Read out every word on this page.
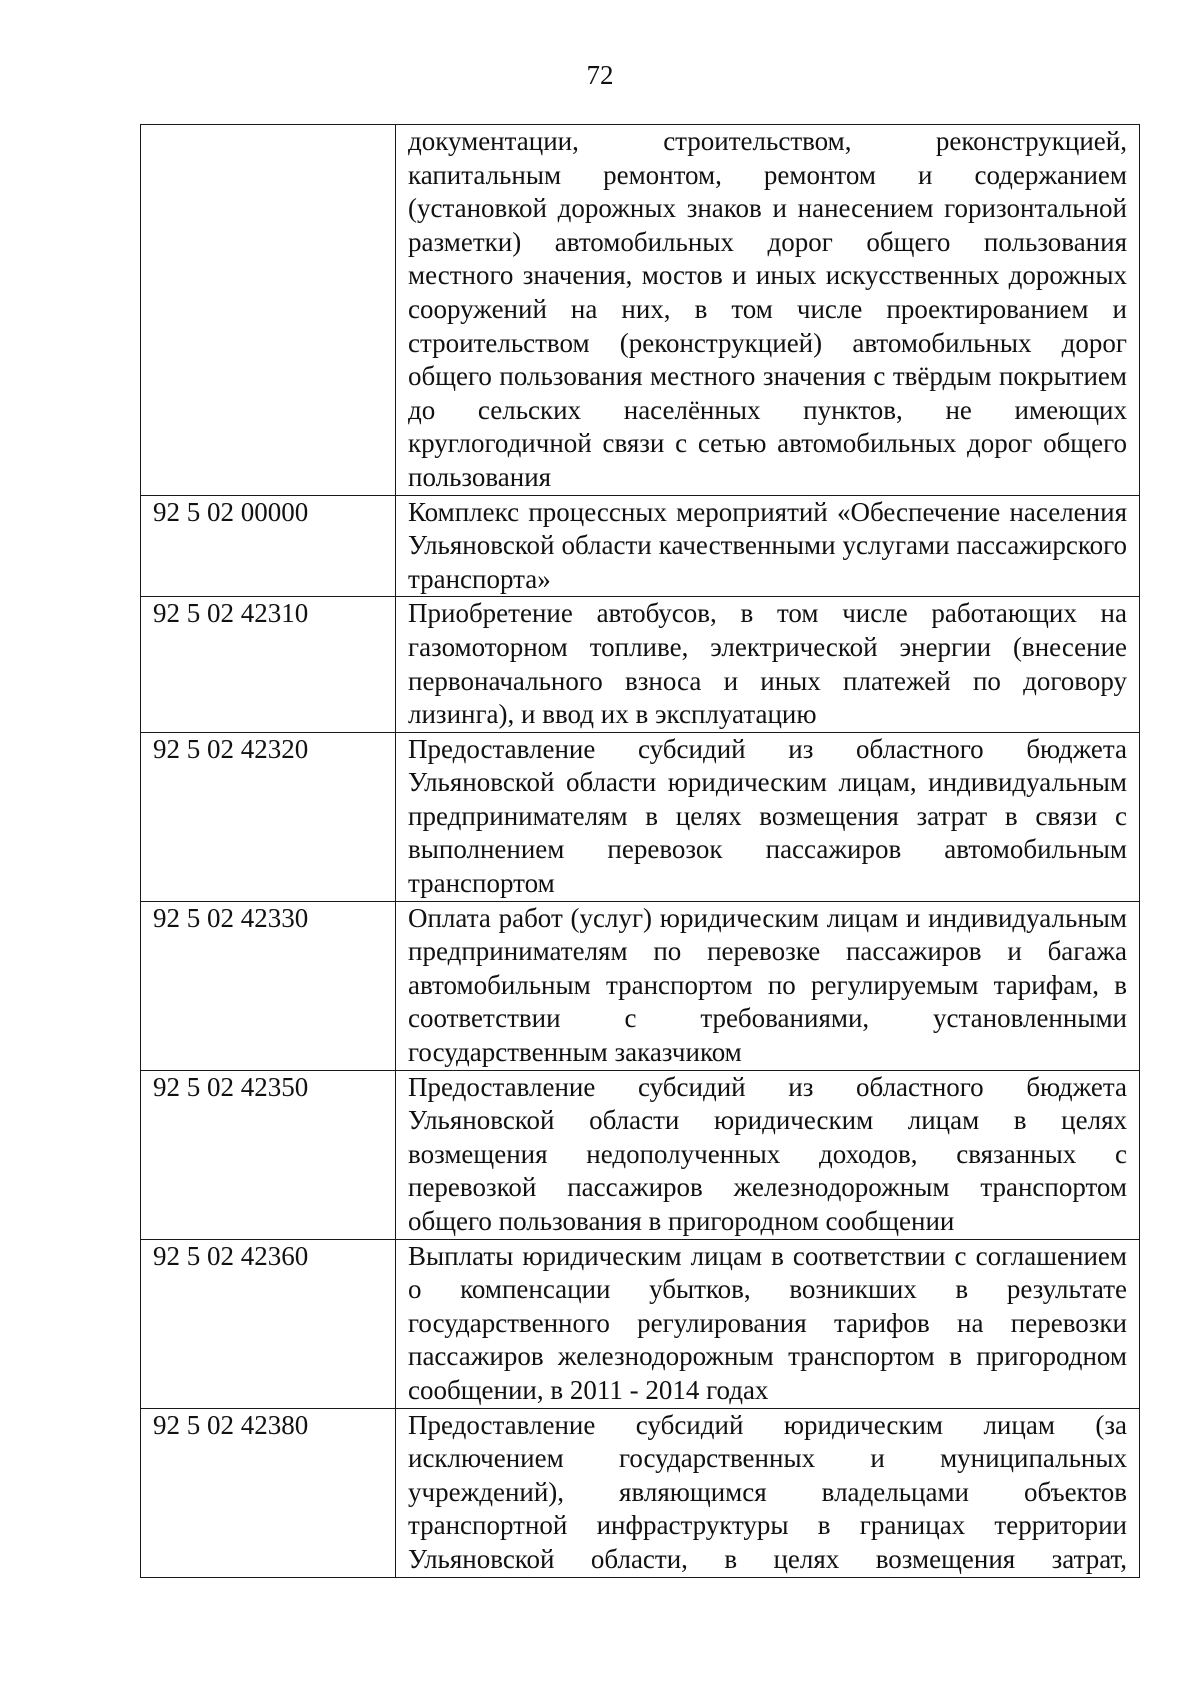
72
	документации, строительством, реконструкцией, капитальным ремонтом, ремонтом и содержанием (установкой дорожных знаков и нанесением горизонтальной разметки) автомобильных дорог общего пользования местного значения, мостов и иных искусственных дорожных сооружений на них, в том числе проектированием и строительством (реконструкцией) автомобильных дорог общего пользования местного значения с твёрдым покрытием до сельских населённых пунктов, не имеющих круглогодичной связи с сетью автомобильных дорог общего пользования
92 5 02 00000	Комплекс процессных мероприятий «Обеспечение населения Ульяновской области качественными услугами пассажирского транспорта»
92 5 02 42310	Приобретение автобусов, в том числе работающих на газомоторном топливе, электрической энергии (внесение первоначального взноса и иных платежей по договору лизинга), и ввод их в эксплуатацию
92 5 02 42320	Предоставление субсидий из областного бюджета Ульяновской области юридическим лицам, индивидуальным предпринимателям в целях возмещения затрат в связи с выполнением перевозок пассажиров автомобильным транспортом
92 5 02 42330	Оплата работ (услуг) юридическим лицам и индивидуальным предпринимателям по перевозке пассажиров и багажа автомобильным транспортом по регулируемым тарифам, в соответствии с требованиями, установленными государственным заказчиком
92 5 02 42350	Предоставление субсидий из областного бюджета Ульяновской области юридическим лицам в целях возмещения недополученных доходов, связанных с перевозкой пассажиров железнодорожным транспортом общего пользования в пригородном сообщении
92 5 02 42360	Выплаты юридическим лицам в соответствии с соглашением о компенсации убытков, возникших в результате государственного регулирования тарифов на перевозки пассажиров железнодорожным транспортом в пригородном сообщении, в 2011 - 2014 годах
92 5 02 42380	Предоставление субсидий юридическим лицам (за исключением государственных и муниципальных учреждений), являющимся владельцами объектов транспортной инфраструктуры в границах территории Ульяновской области, в целях возмещения затрат,
